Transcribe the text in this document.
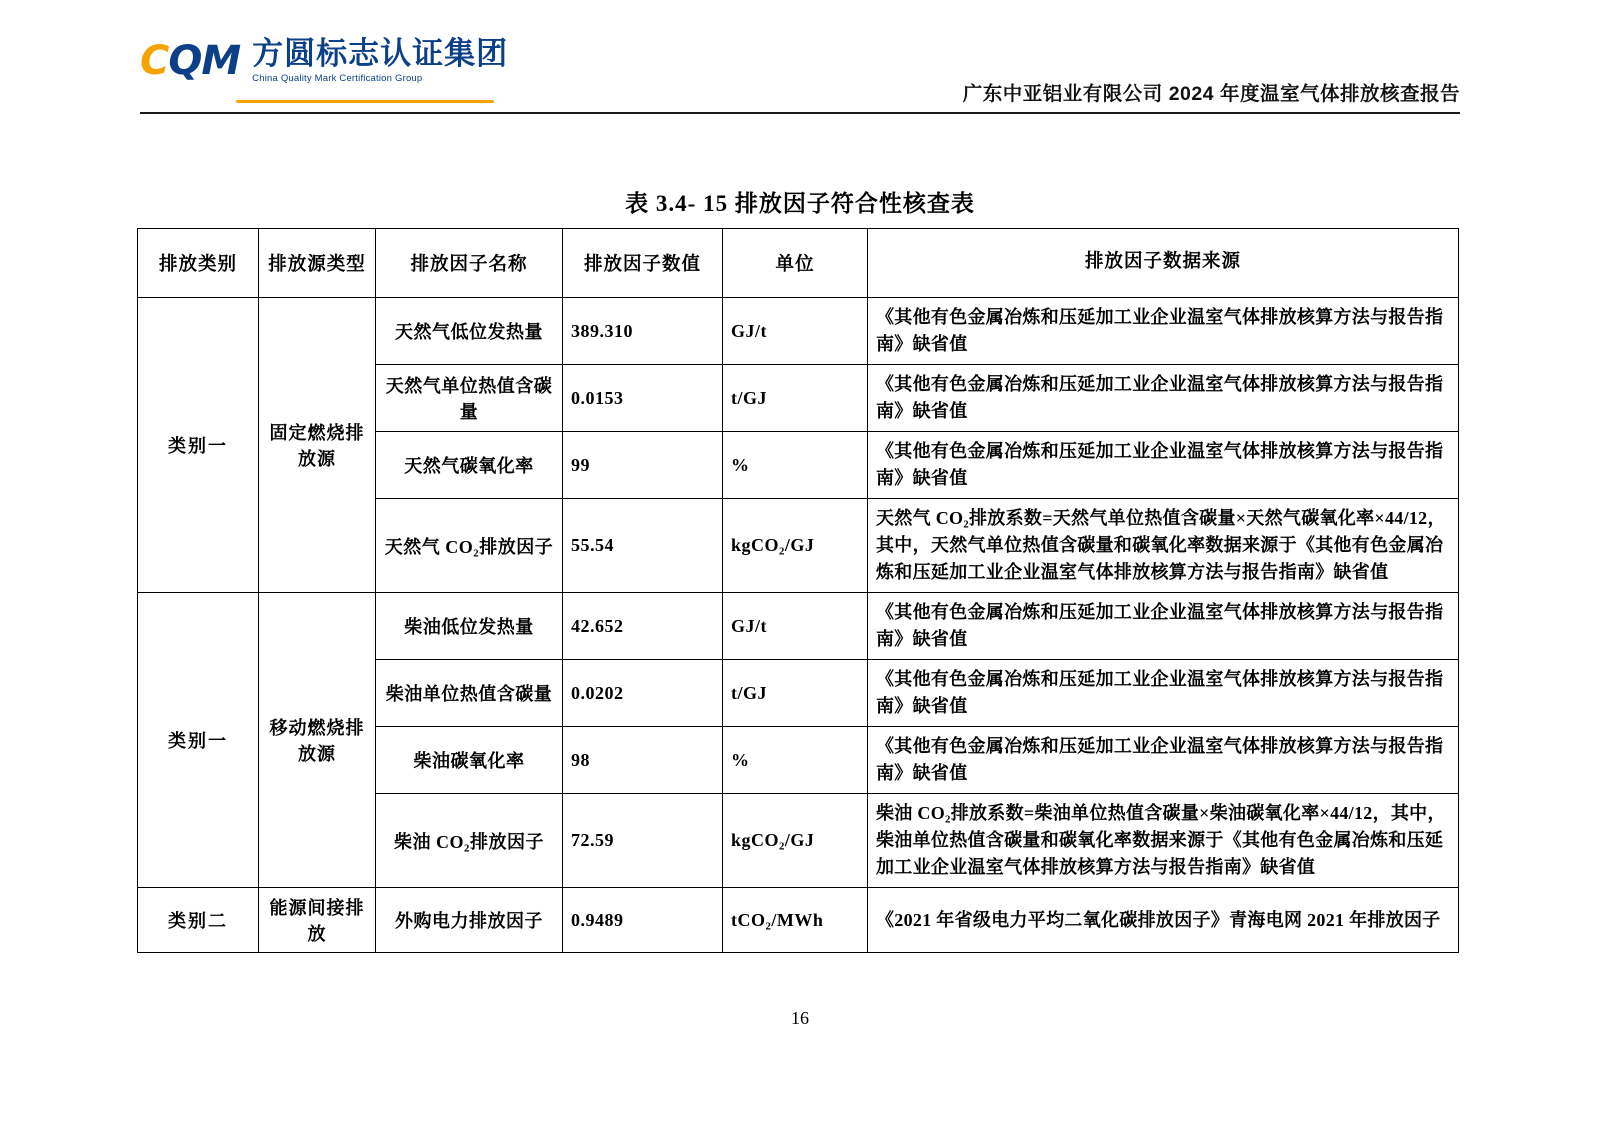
CQM 方圆标志认证集团
China Quality Mark Certification Group
广东中亚铝业有限公司 2024 年度温室气体排放核查报告
表 3.4- 15 排放因子符合性核查表
排放类别	排放源类型	排放因子名称	排放因子数值	单位	排放因子数据来源
类别一	固定燃烧排放源	天然气低位发热量	389.310	GJ/t	《其他有色金属冶炼和压延加工业企业温室气体排放核算方法与报告指南》缺省值
		天然气单位热值含碳量	0.0153	t/GJ	《其他有色金属冶炼和压延加工业企业温室气体排放核算方法与报告指南》缺省值
		天然气碳氧化率	99	%	《其他有色金属冶炼和压延加工业企业温室气体排放核算方法与报告指南》缺省值
		天然气 CO₂排放因子	55.54	kgCO₂/GJ	天然气 CO₂排放系数=天然气单位热值含碳量×天然气碳氧化率×44/12，其中，天然气单位热值含碳量和碳氧化率数据来源于《其他有色金属冶炼和压延加工业企业温室气体排放核算方法与报告指南》缺省值
类别一	移动燃烧排放源	柴油低位发热量	42.652	GJ/t	《其他有色金属冶炼和压延加工业企业温室气体排放核算方法与报告指南》缺省值
		柴油单位热值含碳量	0.0202	t/GJ	《其他有色金属冶炼和压延加工业企业温室气体排放核算方法与报告指南》缺省值
		柴油碳氧化率	98	%	《其他有色金属冶炼和压延加工业企业温室气体排放核算方法与报告指南》缺省值
		柴油 CO₂排放因子	72.59	kgCO₂/GJ	柴油 CO₂排放系数=柴油单位热值含碳量×柴油碳氧化率×44/12，其中，柴油单位热值含碳量和碳氧化率数据来源于《其他有色金属冶炼和压延加工业企业温室气体排放核算方法与报告指南》缺省值
类别二	能源间接排放	外购电力排放因子	0.9489	tCO₂/MWh	《2021 年省级电力平均二氧化碳排放因子》青海电网 2021 年排放因子
16
